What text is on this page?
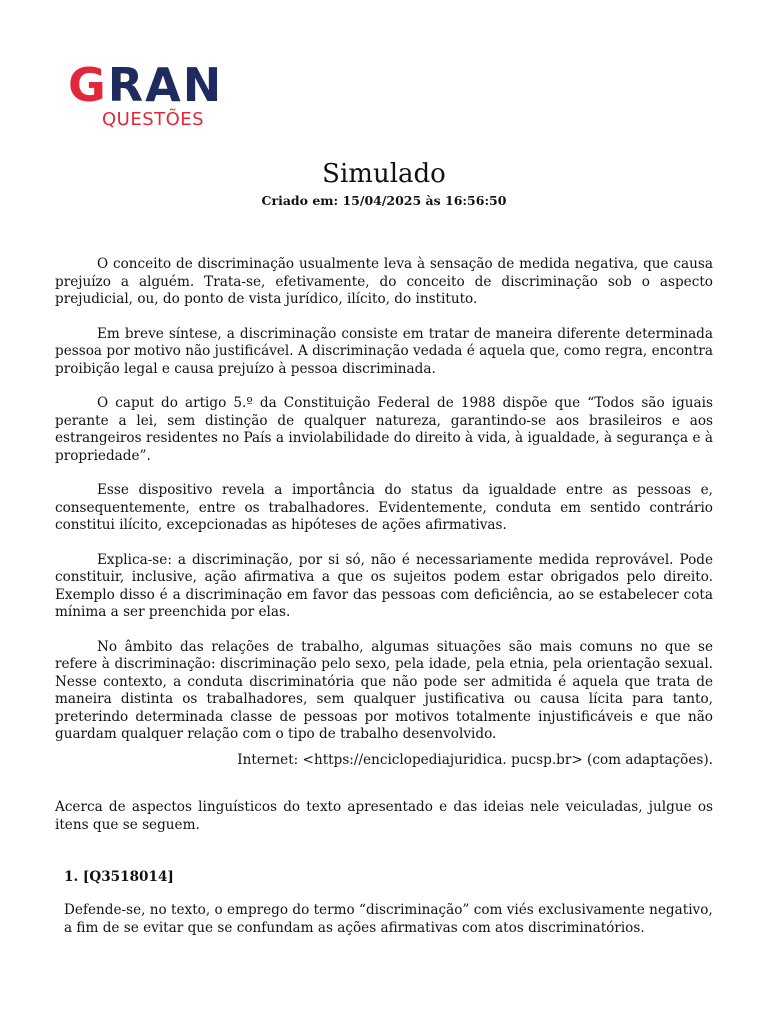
G RAN
QUESTÕES
Simulado
Criado em: 15/04/2025 às 16:56:50

O conceito de discriminação usualmente leva à sensação de medida negativa, que causa prejuízo a alguém. Trata-se, efetivamente, do conceito de discriminação sob o aspecto prejudicial, ou, do ponto de vista jurídico, ilícito, do instituto.

Em breve síntese, a discriminação consiste em tratar de maneira diferente determinada pessoa por motivo não justificável. A discriminação vedada é aquela que, como regra, encontra proibição legal e causa prejuízo à pessoa discriminada.

O caput do artigo 5.º da Constituição Federal de 1988 dispõe que “Todos são iguais perante a lei, sem distinção de qualquer natureza, garantindo-se aos brasileiros e aos estrangeiros residentes no País a inviolabilidade do direito à vida, à igualdade, à segurança e à propriedade”.

Esse dispositivo revela a importância do status da igualdade entre as pessoas e, consequentemente, entre os trabalhadores. Evidentemente, conduta em sentido contrário constitui ilícito, excepcionadas as hipóteses de ações afirmativas.

Explica-se: a discriminação, por si só, não é necessariamente medida reprovável. Pode constituir, inclusive, ação afirmativa a que os sujeitos podem estar obrigados pelo direito. Exemplo disso é a discriminação em favor das pessoas com deficiência, ao se estabelecer cota mínima a ser preenchida por elas.

No âmbito das relações de trabalho, algumas situações são mais comuns no que se refere à discriminação: discriminação pelo sexo, pela idade, pela etnia, pela orientação sexual. Nesse contexto, a conduta discriminatória que não pode ser admitida é aquela que trata de maneira distinta os trabalhadores, sem qualquer justificativa ou causa lícita para tanto, preterindo determinada classe de pessoas por motivos totalmente injustificáveis e que não guardam qualquer relação com o tipo de trabalho desenvolvido.

Internet: <https://enciclopediajuridica. pucsp.br> (com adaptações).

Acerca de aspectos linguísticos do texto apresentado e das ideias nele veiculadas, julgue os itens que se seguem.

1. [Q3518014]

Defende-se, no texto, o emprego do termo “discriminação” com viés exclusivamente negativo, a fim de se evitar que se confundam as ações afirmativas com atos discriminatórios.
